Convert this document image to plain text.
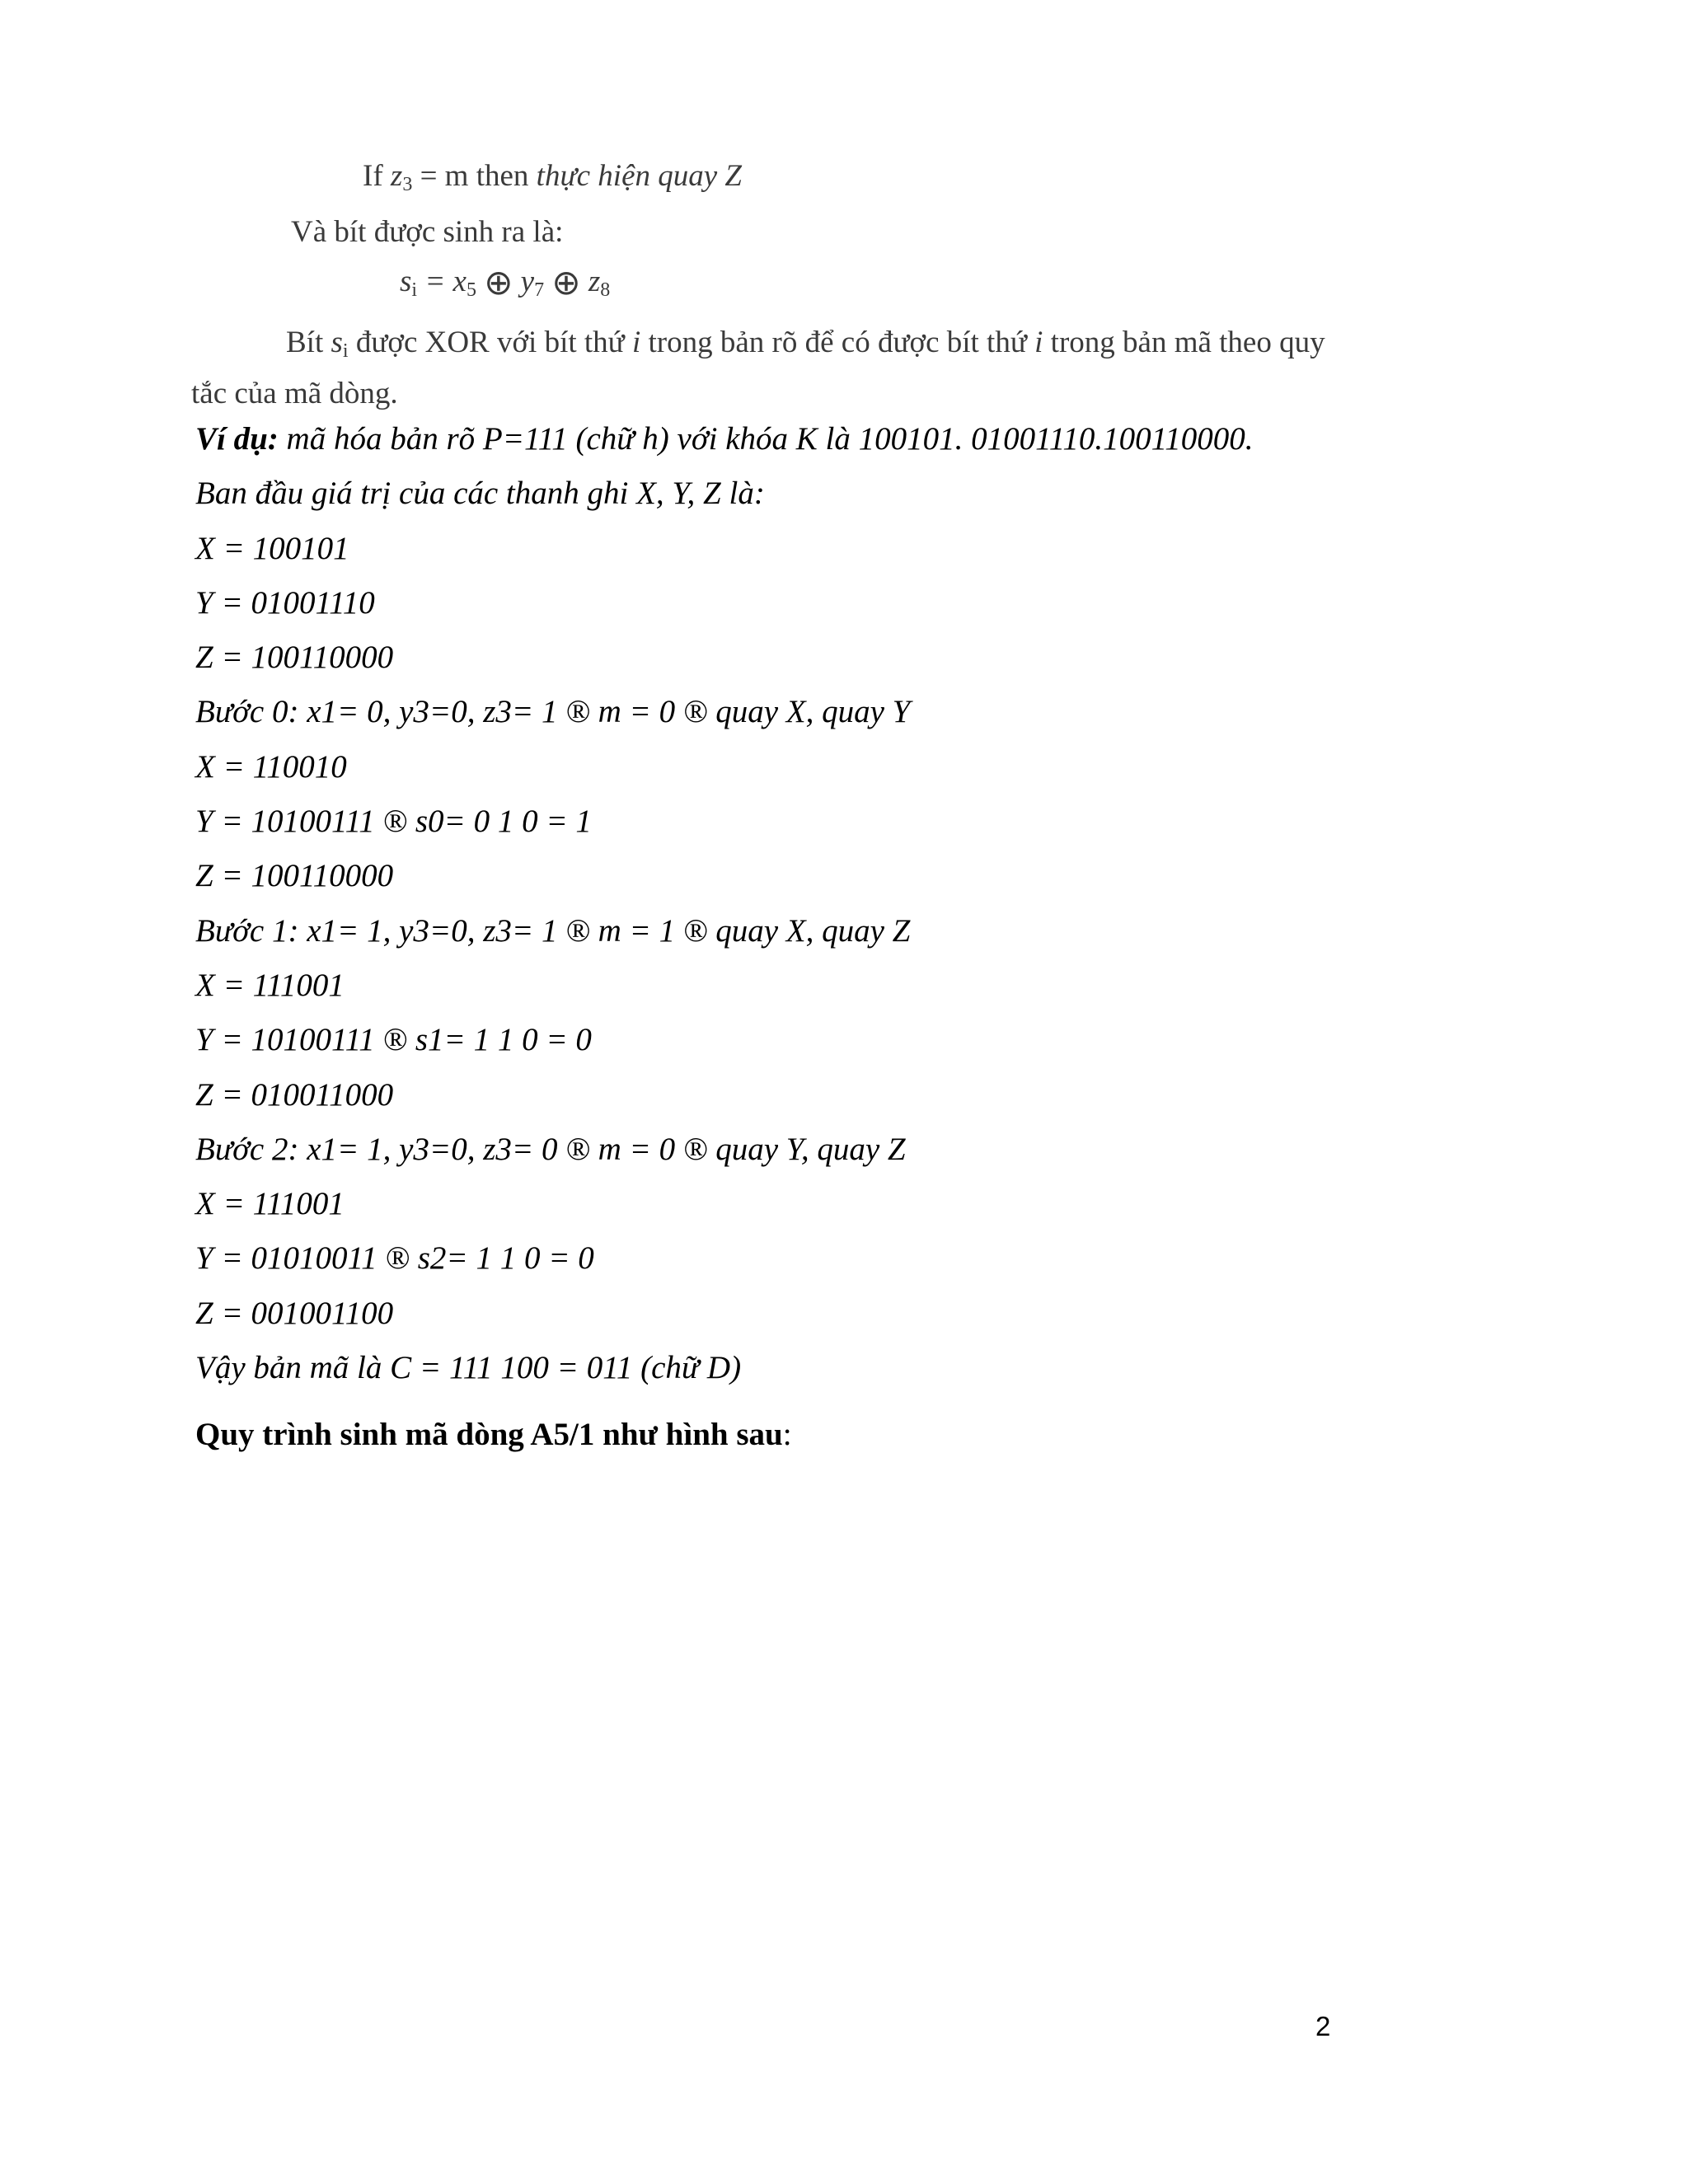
If $z_3 = m$ then thực hiện quay Z
Và bít được sinh ra là:
$s_i = x_5$ ⊕ $y_7$ ⊕ $z_8$
Bít $s_i$ được XOR với bít thứ i trong bản rõ để có được bít thứ i trong bản mã theo quy
tắc của mã dòng.
Ví dụ: mã hóa bản rõ P=111 (chữ h) với khóa K là 100101. 01001110.100110000.
Ban đầu giá trị của các thanh ghi X, Y, Z là:
X = 100101
Y = 01001110
Z = 100110000
Bước 0: x1= 0, y3=0, z3= 1 ® m = 0 ® quay X, quay Y
X = 110010
Y = 10100111 ® s0= 0 1 0 = 1
Z = 100110000
Bước 1: x1= 1, y3=0, z3= 1 ® m = 1 ® quay X, quay Z
X = 111001
Y = 10100111 ® s1= 1 1 0 = 0
Z = 010011000
Bước 2: x1= 1, y3=0, z3= 0 ® m = 0 ® quay Y, quay Z
X = 111001
Y = 01010011 ® s2= 1 1 0 = 0
Z = 001001100
Vậy bản mã là C = 111 100 = 011 (chữ D)
Quy trình sinh mã dòng A5/1 như hình sau:
2
